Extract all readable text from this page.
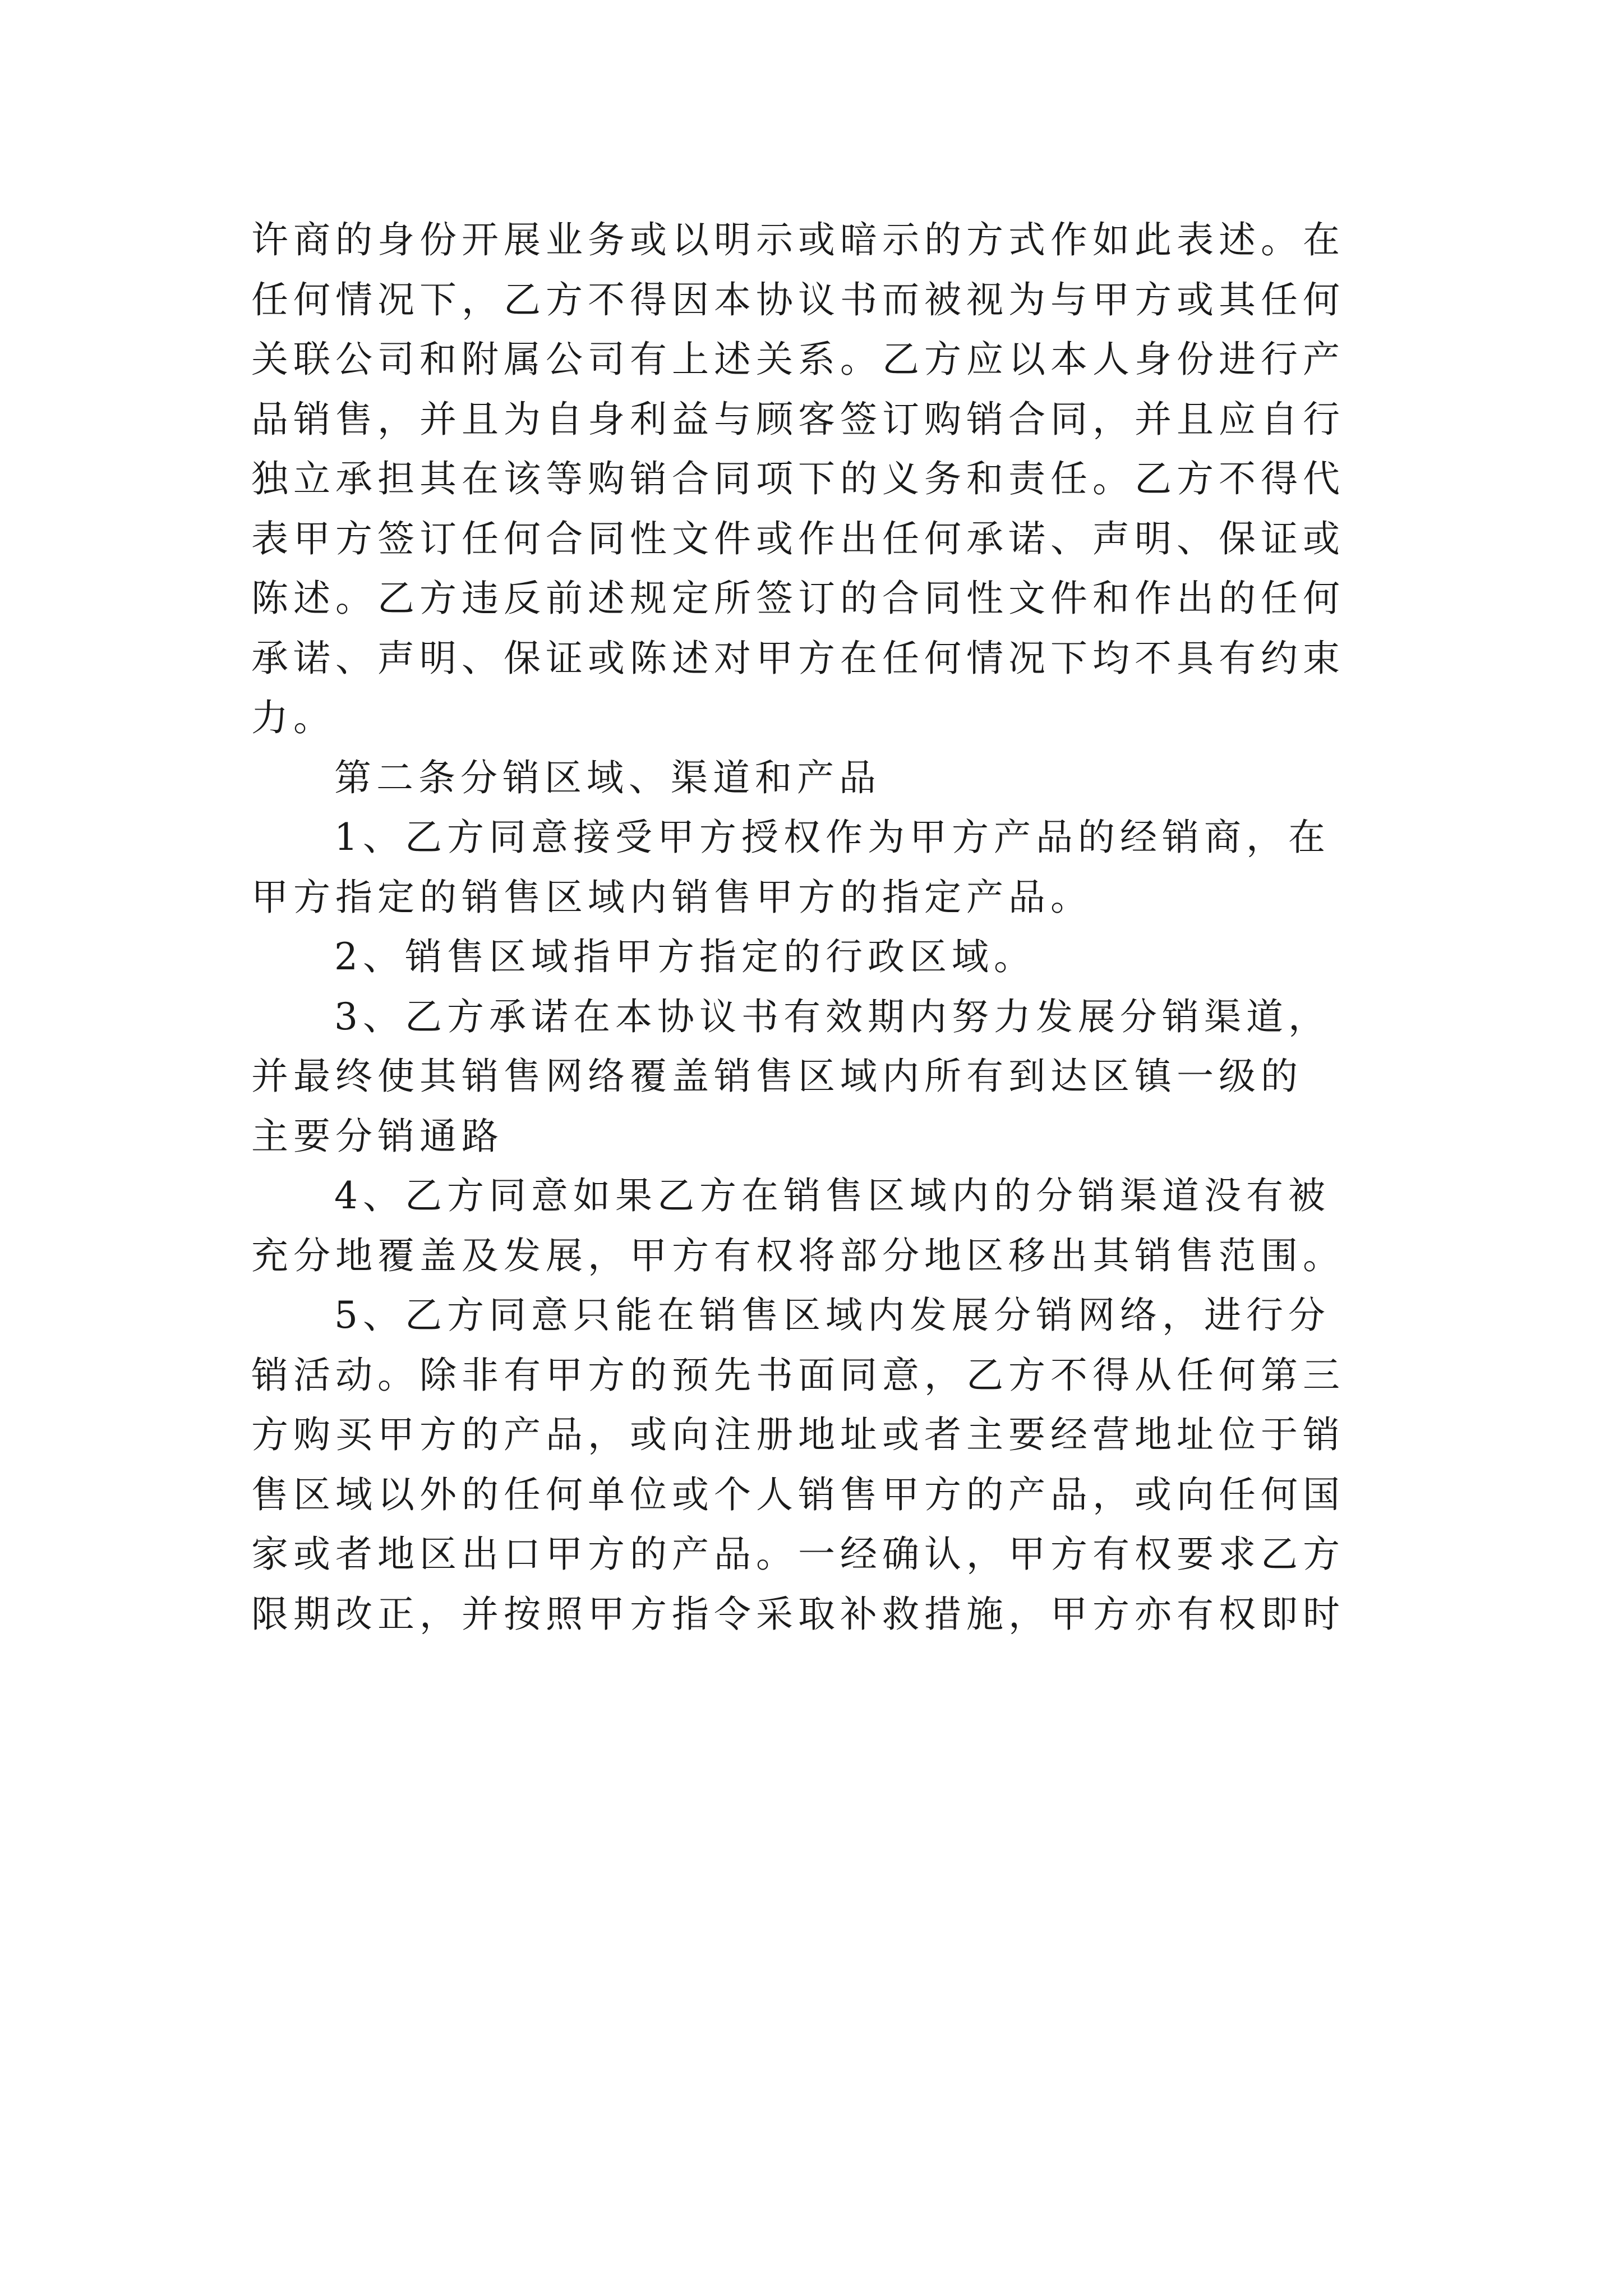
许商的身份开展业务或以明示或暗示的方式作如此表述。在
任何情况下，乙方不得因本协议书而被视为与甲方或其任何
关联公司和附属公司有上述关系。乙方应以本人身份进行产
品销售，并且为自身利益与顾客签订购销合同，并且应自行
独立承担其在该等购销合同项下的义务和责任。乙方不得代
表甲方签订任何合同性文件或作出任何承诺、声明、保证或
陈述。乙方违反前述规定所签订的合同性文件和作出的任何
承诺、声明、保证或陈述对甲方在任何情况下均不具有约束
力。
第二条分销区域、渠道和产品
1、乙方同意接受甲方授权作为甲方产品的经销商，在
甲方指定的销售区域内销售甲方的指定产品。
2、销售区域指甲方指定的行政区域。
3、乙方承诺在本协议书有效期内努力发展分销渠道，
并最终使其销售网络覆盖销售区域内所有到达区镇一级的
主要分销通路
4、乙方同意如果乙方在销售区域内的分销渠道没有被
充分地覆盖及发展，甲方有权将部分地区移出其销售范围。
5、乙方同意只能在销售区域内发展分销网络，进行分
销活动。除非有甲方的预先书面同意，乙方不得从任何第三
方购买甲方的产品，或向注册地址或者主要经营地址位于销
售区域以外的任何单位或个人销售甲方的产品，或向任何国
家或者地区出口甲方的产品。一经确认，甲方有权要求乙方
限期改正，并按照甲方指令采取补救措施，甲方亦有权即时
